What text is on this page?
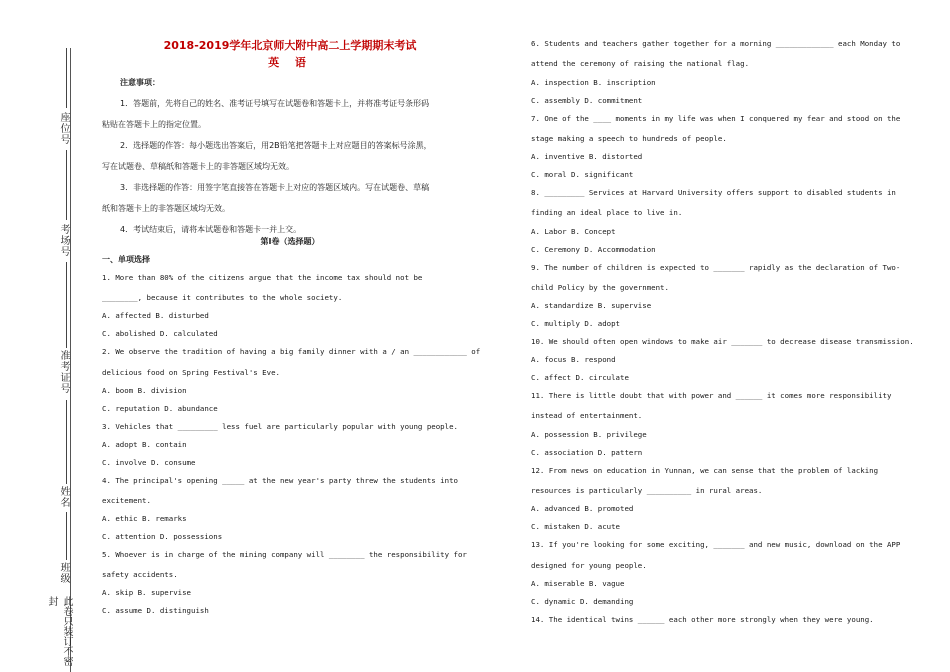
座位号
考场号
准考证号
姓名
班级
此卷只装订不密封
2018-2019学年北京师大附中高二上学期期末考试
英 语
注意事项：
1．答题前，先将自己的姓名、准考证号填写在试题卷和答题卡上，并将准考证号条形码
粘贴在答题卡上的指定位置。
2．选择题的作答：每小题选出答案后，用2B铅笔把答题卡上对应题目的答案标号涂黑，
写在试题卷、草稿纸和答题卡上的非答题区域均无效。
3．非选择题的作答：用签字笔直接答在答题卡上对应的答题区域内。写在试题卷、草稿
纸和答题卡上的非答题区域均无效。
4．考试结束后，请将本试题卷和答题卡一并上交。
第I卷（选择题）
一、单项选择
1. More than 80% of the citizens argue that the income tax should not be
________, because it contributes to the whole society.
A. affected B. disturbed
C. abolished D. calculated
2. We observe the tradition of having a big family dinner with a / an ____________ of
delicious food on Spring Festival's Eve.
A. boom B. division
C. reputation D. abundance
3. Vehicles that _________ less fuel are particularly popular with young people.
A. adopt B. contain
C. involve D. consume
4. The principal's opening _____ at the new year's party threw the students into
excitement.
A. ethic B. remarks
C. attention D. possessions
5. Whoever is in charge of the mining company will ________ the responsibility for
safety accidents.
A. skip B. supervise
C. assume D. distinguish
6. Students and teachers gather together for a morning _____________ each Monday to
attend the ceremony of raising the national flag.
A. inspection B. inscription
C. assembly D. commitment
7. One of the ____ moments in my life was when I conquered my fear and stood on the
stage making a speech to hundreds of people.
A. inventive B. distorted
C. moral D. significant
8. _________ Services at Harvard University offers support to disabled students in
finding an ideal place to live in.
A. Labor B. Concept
C. Ceremony D. Accommodation
9. The number of children is expected to _______ rapidly as the declaration of Two-
child Policy by the government.
A. standardize B. supervise
C. multiply D. adopt
10. We should often open windows to make air _______ to decrease disease transmission.
A. focus B. respond
C. affect D. circulate
11. There is little doubt that with power and ______ it comes more responsibility
instead of entertainment.
A. possession B. privilege
C. association D. pattern
12. From news on education in Yunnan, we can sense that the problem of lacking
resources is particularly __________ in rural areas.
A. advanced B. promoted
C. mistaken D. acute
13. If you're looking for some exciting, _______ and new music, download on the APP
designed for young people.
A. miserable B. vague
C. dynamic D. demanding
14. The identical twins ______ each other more strongly when they were young.
